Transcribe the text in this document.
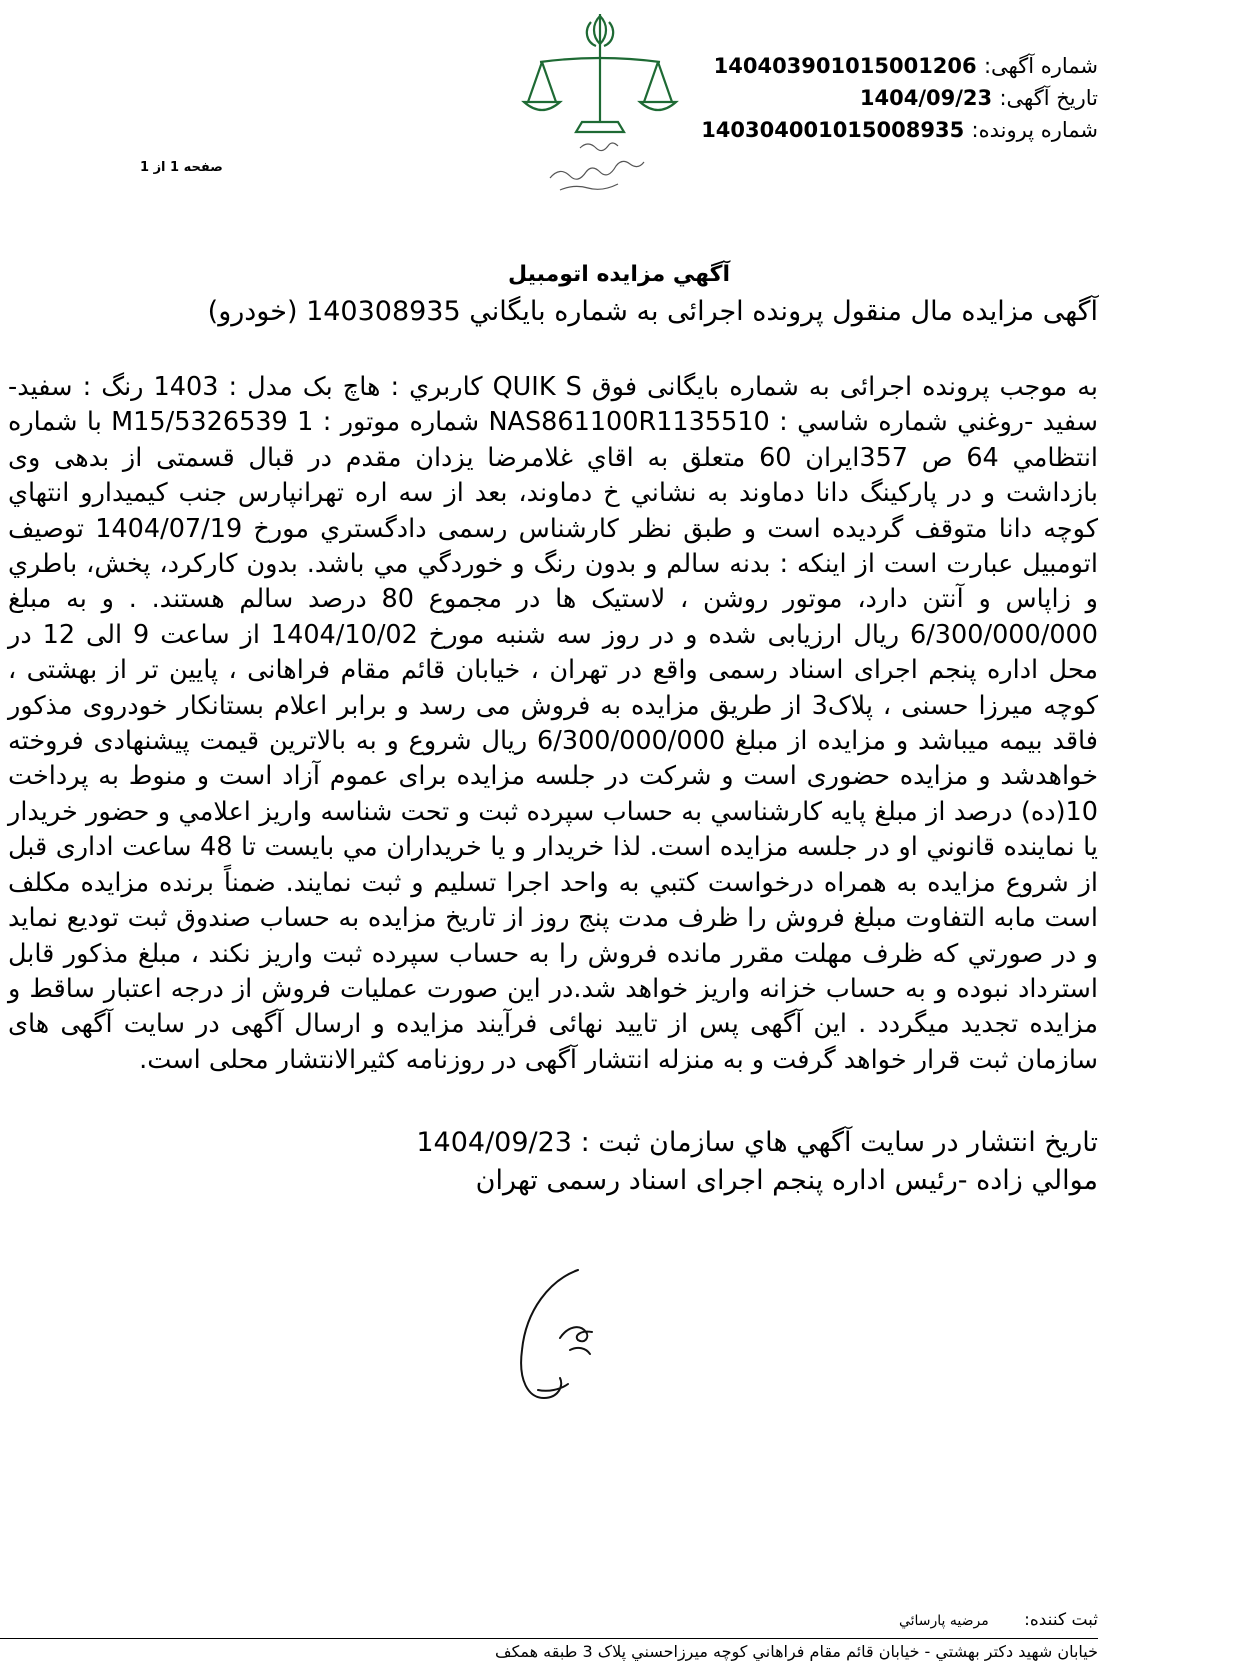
شماره آگهی: 140403901015001206
تاریخ آگهی: 1404/09/23
شماره پرونده: 140304001015008935
صفحه 1 از 1
آگهي مزايده اتومبيل
آگهی مزایده مال منقول پرونده اجرائی به شماره بایگاني 140308935 (خودرو)
به موجب پرونده اجرائی به شماره بایگانی فوق QUIK S كاربري : هاچ بک مدل : 1403 رنگ : سفيد-سفيد -روغني شماره شاسي : NAS861100R1135510 شماره موتور : 1 M15/5326539 با شماره انتظامي 64 ص 357ايران 60 متعلق به اقاي غلامرضا يزدان مقدم در قبال قسمتی از بدهی وی بازداشت و در پارکینگ دانا دماوند به نشاني خ دماوند، بعد از سه اره تهرانپارس جنب کیمیدارو انتهاي کوچه دانا متوقف گرديده است و طبق نظر كارشناس رسمی دادگستري مورخ 1404/07/19 توصيف اتومبيل عبارت است از اينكه : بدنه سالم و بدون رنگ و خوردگي مي باشد. بدون کارکرد، پخش، باطري و زاپاس و آنتن دارد، موتور روشن ، لاستیک ها در مجموع 80 درصد سالم هستند. . و به مبلغ 6/300/000/000 ريال ارزيابی شده و در روز سه شنبه مورخ 1404/10/02 از ساعت 9 الی 12 در محل اداره پنجم اجرای اسناد رسمی واقع در تهران ، خیابان قائم مقام فراهانی ، پایین تر از بهشتی ، کوچه میرزا حسنی ، پلاک3 از طریق مزایده به فروش می رسد و برابر اعلام بستانکار خودروی مذکور فاقد بیمه میباشد و مزایده از مبلغ 6/300/000/000 ريال شروع و به بالاترين قيمت پيشنهادی فروخته خواهدشد و مزايده حضوری است و شركت در جلسه مزايده برای عموم آزاد است و منوط به پرداخت 10(ده) درصد از مبلغ پايه كارشناسي به حساب سپرده ثبت و تحت شناسه واريز اعلامي و حضور خريدار يا نماينده قانوني او در جلسه مزايده است. لذا خريدار و يا خريداران مي بايست تا 48 ساعت اداری قبل از شروع مزايده به همراه درخواست كتبي به واحد اجرا تسليم و ثبت نمايند. ضمناً برنده مزايده مكلف است مابه التفاوت مبلغ فروش را ظرف مدت پنج روز از تاريخ مزايده به حساب صندوق ثبت توديع نمايد و در صورتي كه ظرف مهلت مقرر مانده فروش را به حساب سپرده ثبت واريز نكند ، مبلغ مذكور قابل استرداد نبوده و به حساب خزانه واريز خواهد شد.در اين صورت عمليات فروش از درجه اعتبار ساقط و مزايده تجديد ميگردد . اين آگهی پس از تاييد نهائی فرآيند مزايده و ارسال آگهی در سايت آگهی های سازمان ثبت قرار خواهد گرفت و به منزله انتشار آگهی در روزنامه كثيرالانتشار محلی است.
تاريخ انتشار در سايت آگهي هاي سازمان ثبت : 1404/09/23
موالي زاده -رئيس اداره پنجم اجرای اسناد رسمی تهران
ثبت كننده: مرضيه پارسائي
خيابان شهيد دكتر بهشتي - خيابان قائم مقام فراهاني كوچه ميرزاحسني پلاک 3 طبقه همكف
